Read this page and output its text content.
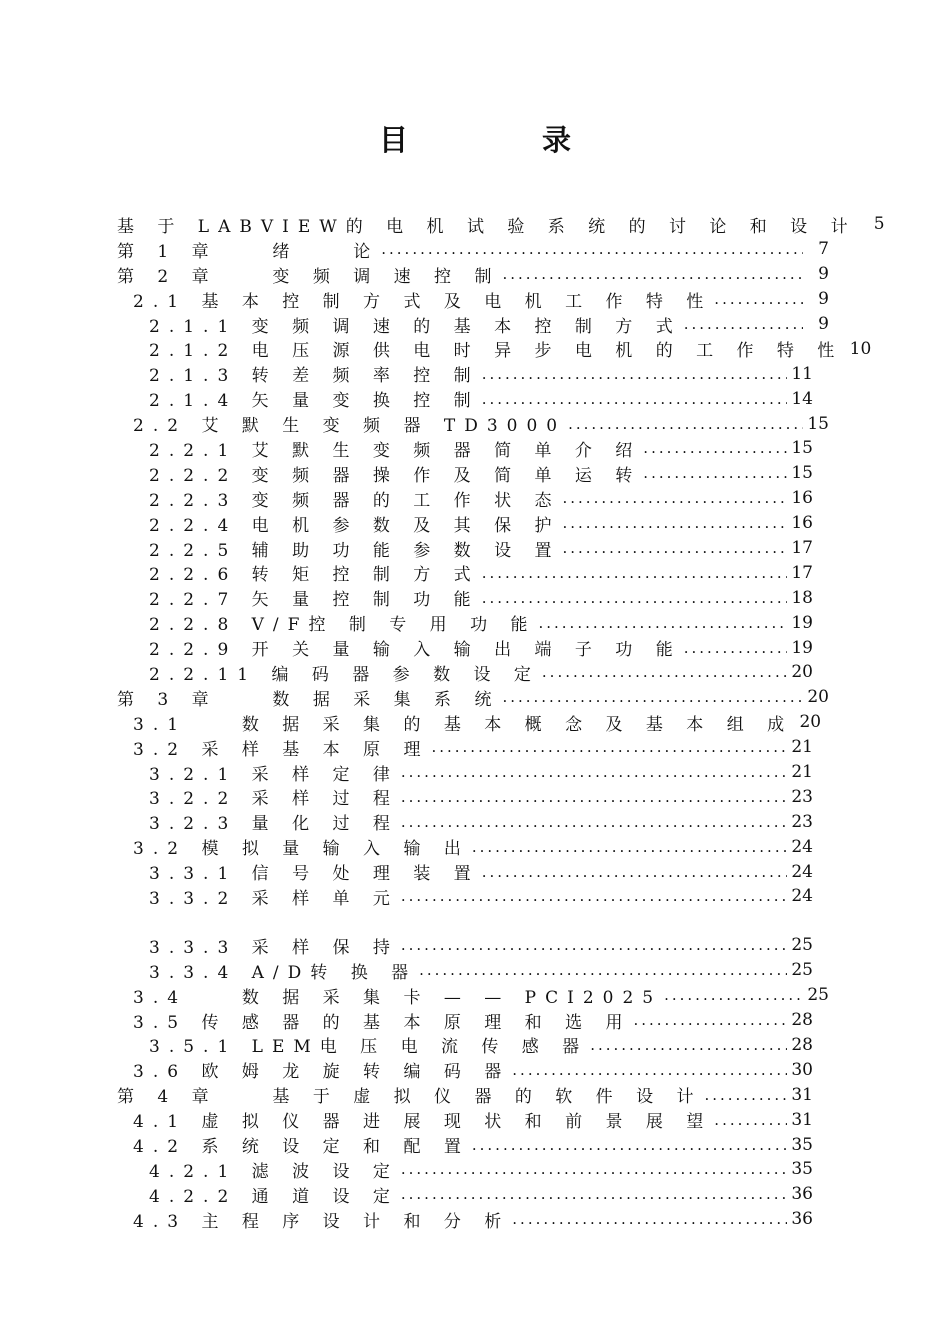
目 录
基 于 LABVIEW的 电 机 试 验 系 统 的 讨 论 和 设 计	5
第 1 章 　 绪 　 论 .....	7
第 2 章 　 变 频 调 速 控 制 .....	9
2.1 基 本 控 制 方 式 及 电 机 工 作 特 性 .....	9
2.1.1 变 频 调 速 的 基 本 控 制 方 式 .....	9
2.1.2 电 压 源 供 电 时 异 步 电 机 的 工 作 特 性 10
2.1.3 转 差 频 率 控 制 .....	11
2.1.4 矢 量 变 换 控 制 .....	14
2.2 艾 默 生 变 频 器 TD3000 .....	15
2.2.1 艾 默 生 变 频 器 简 单 介 绍 .....	15
2.2.2 变 频 器 操 作 及 简 单 运 转 .....	15
2.2.3 变 频 器 的 工 作 状 态 .....	16
2.2.4 电 机 参 数 及 其 保 护 .....	16
2.2.5 辅 助 功 能 参 数 设 置 .....	17
2.2.6 转 矩 控 制 方 式 .....	17
2.2.7 矢 量 控 制 功 能 .....	18
2.2.8 V/F控 制 专 用 功 能 .....	19
2.2.9 开 关 量 输 入 输 出 端 子 功 能 .....	19
2.2.11 编 码 器 参 数 设 定 .....	20
第 3 章 　 数 据 采 集 系 统 .....	20
3.1 　 数 据 采 集 的 基 本 概 念 及 基 本 组 成 20
3.2 采 样 基 本 原 理 .....	21
3.2.1 采 样 定 律 .....	21
3.2.2 采 样 过 程 .....	23
3.2.3 量 化 过 程 .....	23
3.2 模 拟 量 输 入 输 出 .....	24
3.3.1 信 号 处 理 装 置 .....	24
3.3.2 采 样 单 元 .....	24
3.3.3 采 样 保 持 .....	25
3.3.4 A/D转 换 器 .....	25
3.4 　 数 据 采 集 卡 — — PCI2025 .....	25
3.5 传 感 器 的 基 本 原 理 和 选 用 .....	28
3.5.1 LEM电 压 电 流 传 感 器 .....	28
3.6 欧 姆 龙 旋 转 编 码 器 .....	30
第 4 章 　 基 于 虚 拟 仪 器 的 软 件 设 计 .....	31
4.1 虚 拟 仪 器 进 展 现 状 和 前 景 展 望 .....	31
4.2 系 统 设 定 和 配 置 .....	35
4.2.1 滤 波 设 定 .....	35
4.2.2 通 道 设 定 .....	36
4.3 主 程 序 设 计 和 分 析 .....	36
